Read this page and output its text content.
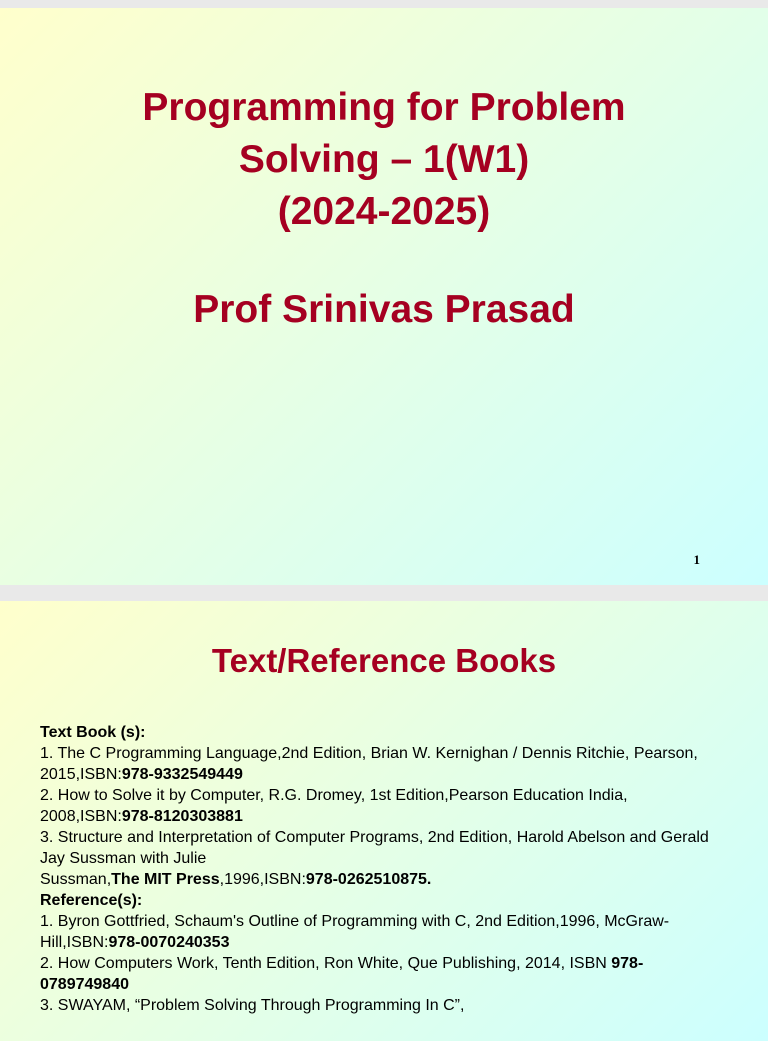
Programming for Problem
Solving – 1(W1)
(2024-2025)
Prof Srinivas Prasad
1
Text/Reference Books

Text Book (s):

1. The C Programming Language,2nd Edition, Brian W. Kernighan / Dennis Ritchie, Pearson, 2015,ISBN:978-9332549449

2. How to Solve it by Computer, R.G. Dromey, 1st Edition,Pearson Education India, 2008,ISBN:978-8120303881

3. Structure and Interpretation of Computer Programs, 2nd Edition, Harold Abelson and Gerald Jay Sussman with Julie
Sussman,The MIT Press,1996,ISBN:978-0262510875.

Reference(s):

1. Byron Gottfried, Schaum's Outline of Programming with C, 2nd Edition,1996, McGraw-Hill,ISBN:978-0070240353

2. How Computers Work, Tenth Edition, Ron White, Que Publishing, 2014, ISBN 978-0789749840

3. SWAYAM, “Problem Solving Through Programming In C”,
